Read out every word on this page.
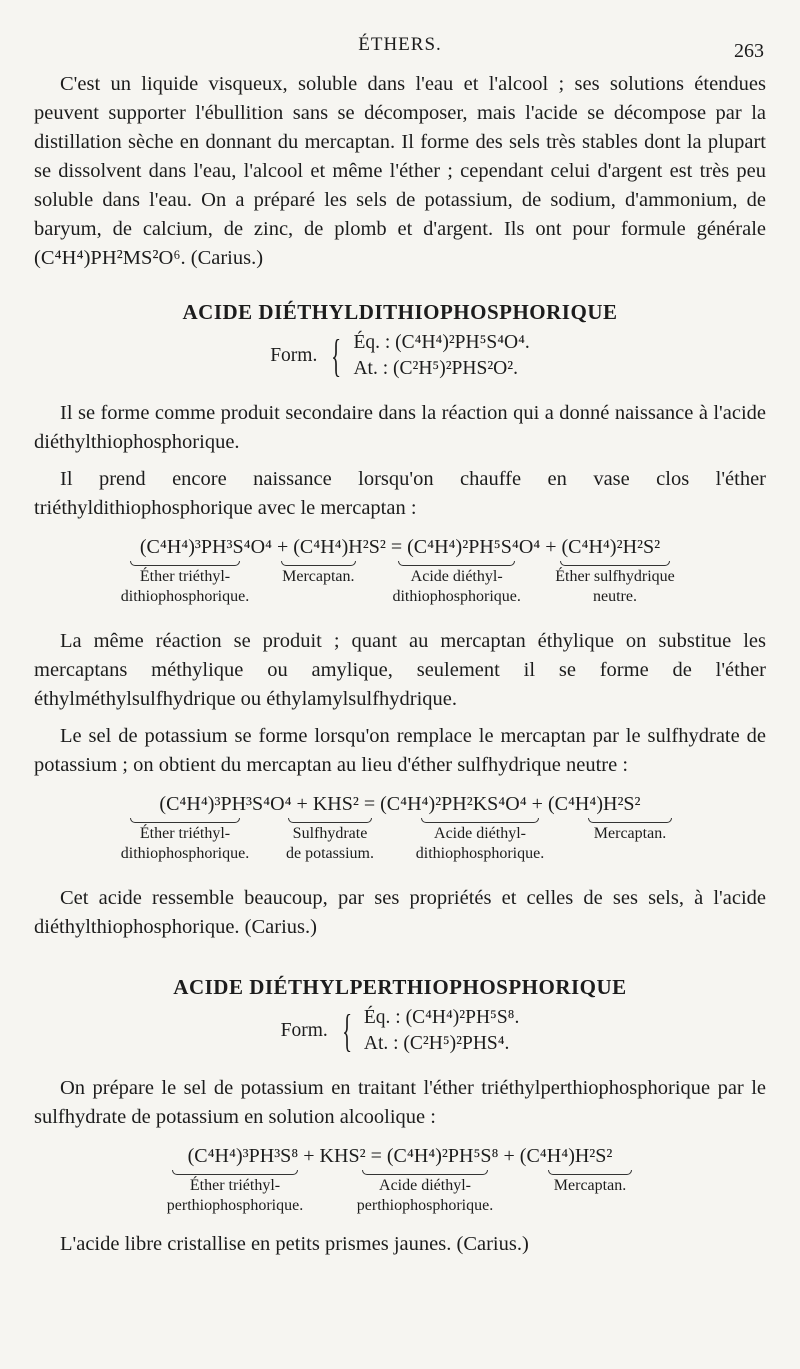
ÉTHERS.	263

C'est un liquide visqueux, soluble dans l'eau et l'alcool ; ses solutions étendues peuvent supporter l'ébullition sans se décomposer, mais l'acide se décompose par la distillation sèche en donnant du mercaptan. Il forme des sels très stables dont la plupart se dissolvent dans l'eau, l'alcool et même l'éther ; cependant celui d'argent est très peu soluble dans l'eau. On a préparé les sels de potassium, de sodium, d'ammonium, de baryum, de calcium, de zinc, de plomb et d'argent. Ils ont pour formule générale (C⁴H⁴)PH²MS²O⁶. (Carius.)

ACIDE DIÉTHYLDITHIOPHOSPHORIQUE
Form. { Éq. : (C⁴H⁴)²PH⁵S⁴O⁴.
At. : (C²H⁵)²PHS²O².

Il se forme comme produit secondaire dans la réaction qui a donné naissance à l'acide diéthylthiophosphorique.

Il prend encore naissance lorsqu'on chauffe en vase clos l'éther triéthyldithiophosphorique avec le mercaptan :

(C⁴H⁴)³PH³S⁴O⁴ + (C⁴H⁴)H²S² = (C⁴H⁴)²PH⁵S⁴O⁴ + (C⁴H⁴)²H²S²

Éther triéthyl-
dithiophosphorique.
Mercaptan.	Acide diéthyl-
dithiophosphorique.
Éther sulfhydrique
neutre.

La même réaction se produit ; quant au mercaptan éthylique on substitue les mercaptans méthylique ou amylique, seulement il se forme de l'éther éthylméthylsulfhydrique ou éthylamylsulfhydrique.

Le sel de potassium se forme lorsqu'on remplace le mercaptan par le sulfhydrate de potassium ; on obtient du mercaptan au lieu d'éther sulfhydrique neutre :

(C⁴H⁴)³PH³S⁴O⁴ + KHS² = (C⁴H⁴)²PH²KS⁴O⁴ + (C⁴H⁴)H²S²

Éther triéthyl-
dithiophosphorique.
Sulfhydrate
de potassium.
Acide diéthyl-
dithiophosphorique.
Mercaptan.

Cet acide ressemble beaucoup, par ses propriétés et celles de ses sels, à l'acide diéthylthiophosphorique. (Carius.)

ACIDE DIÉTHYLPERTHIOPHOSPHORIQUE
Form. { Éq. : (C⁴H⁴)²PH⁵S⁸.
At. : (C²H⁵)²PHS⁴.

On prépare le sel de potassium en traitant l'éther triéthylperthiophosphorique par le sulfhydrate de potassium en solution alcoolique :

(C⁴H⁴)³PH³S⁸ + KHS² = (C⁴H⁴)²PH⁵S⁸ + (C⁴H⁴)H²S²

Éther triéthyl-
perthiophosphorique.
Acide diéthyl-
perthiophosphorique.
Mercaptan.

L'acide libre cristallise en petits prismes jaunes. (Carius.)
